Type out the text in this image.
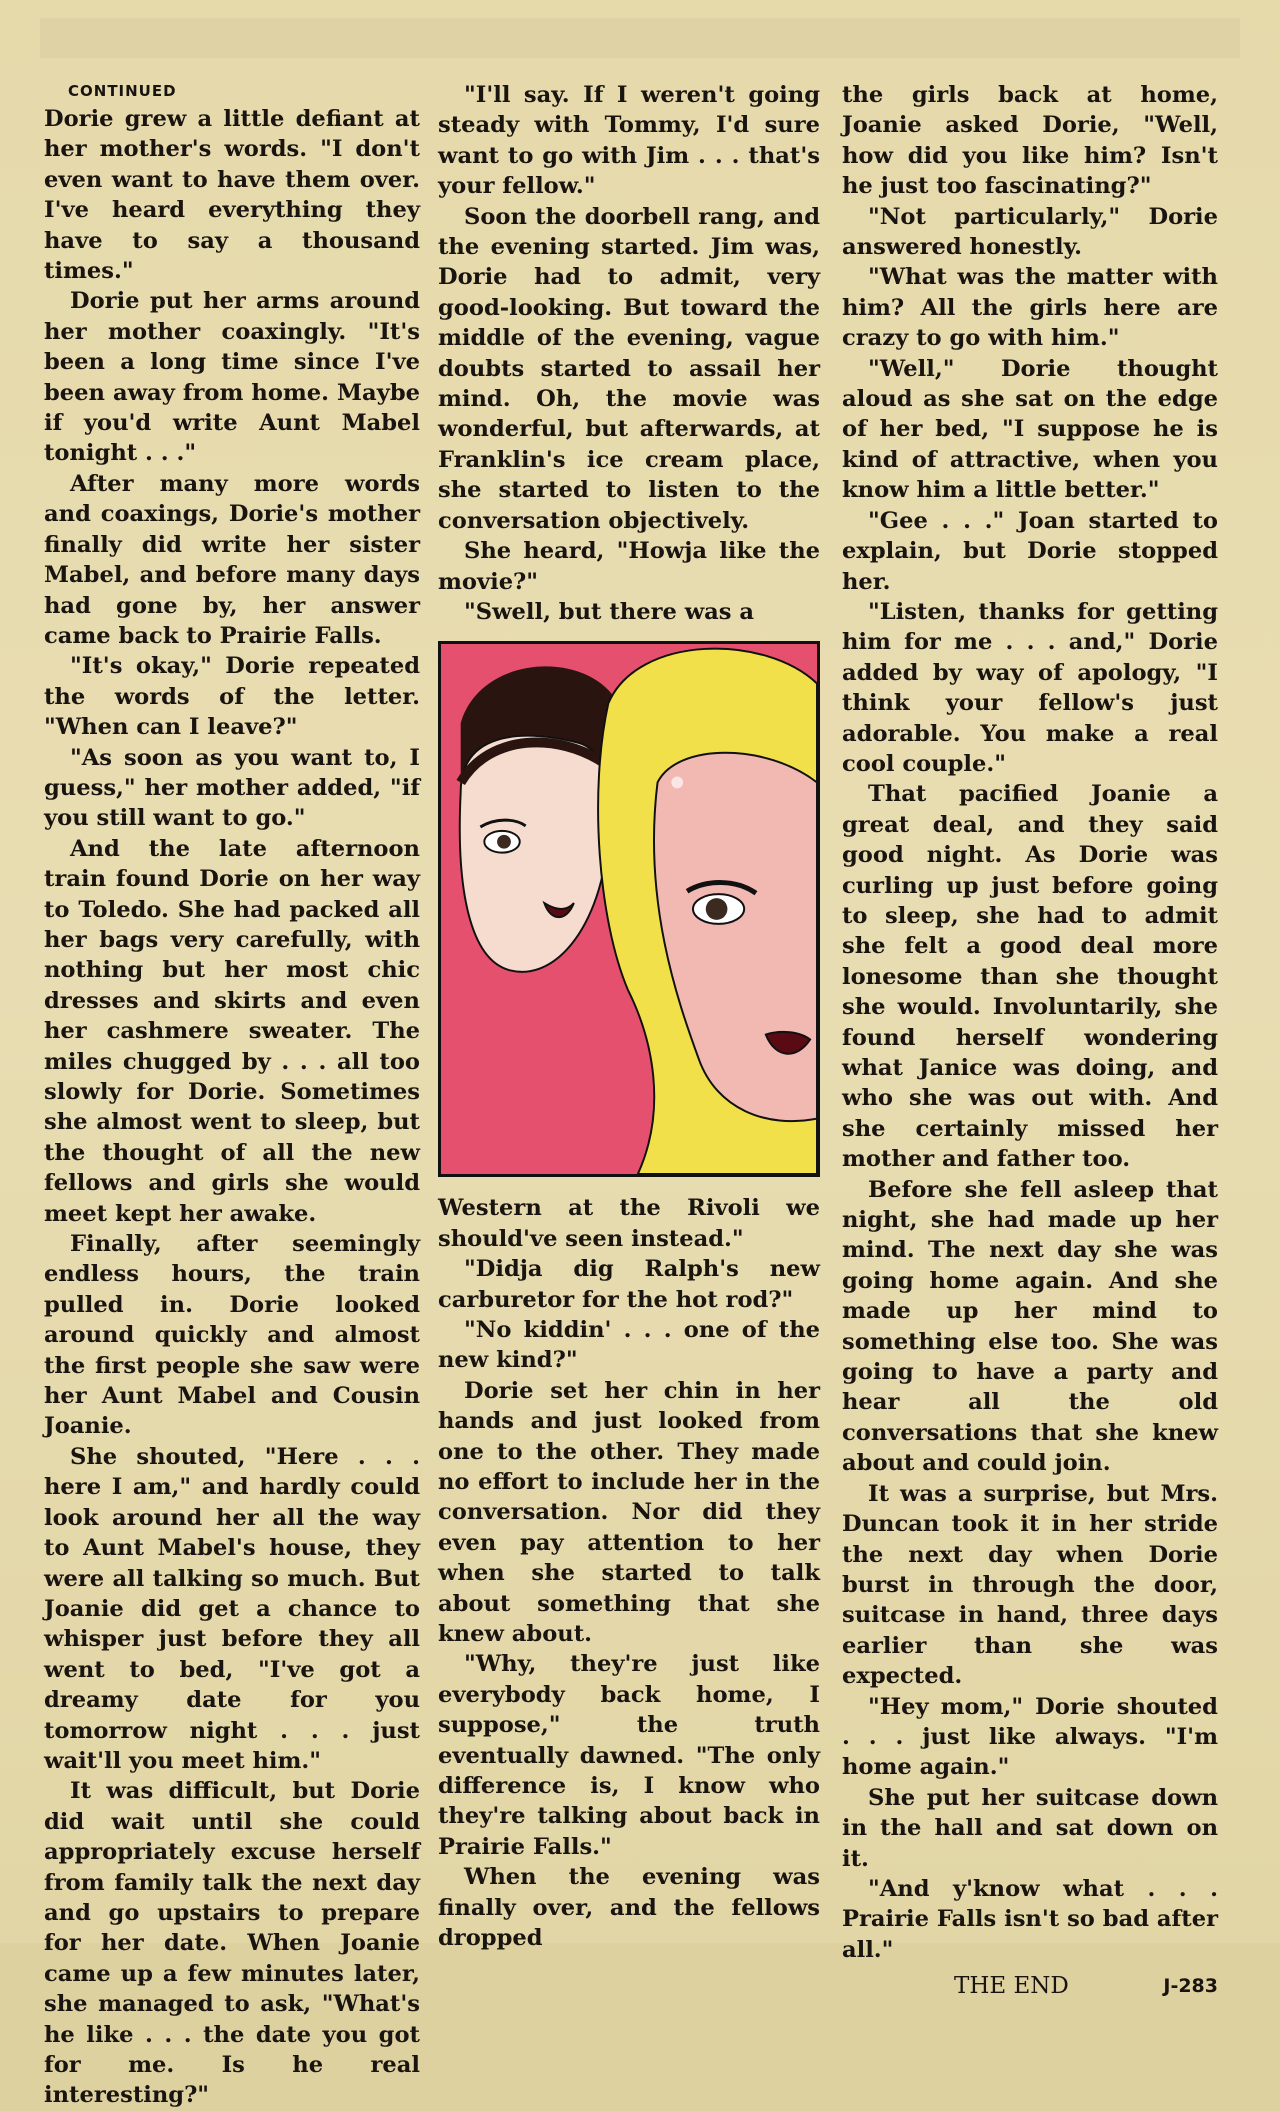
CONTINUED

Dorie grew a little defiant at her mother's words. "I don't even want to have them over. I've heard everything they have to say a thousand times."

Dorie put her arms around her mother coaxingly. "It's been a long time since I've been away from home. Maybe if you'd write Aunt Mabel tonight . . ."

After many more words and coaxings, Dorie's mother finally did write her sister Mabel, and before many days had gone by, her answer came back to Prairie Falls.

"It's okay," Dorie repeated the words of the letter. "When can I leave?"

"As soon as you want to, I guess," her mother added, "if you still want to go."

And the late afternoon train found Dorie on her way to Toledo. She had packed all her bags very carefully, with nothing but her most chic dresses and skirts and even her cashmere sweater. The miles chugged by . . . all too slowly for Dorie. Sometimes she almost went to sleep, but the thought of all the new fellows and girls she would meet kept her awake.

Finally, after seemingly endless hours, the train pulled in. Dorie looked around quickly and almost the first people she saw were her Aunt Mabel and Cousin Joanie.

She shouted, "Here . . . here I am," and hardly could look around her all the way to Aunt Mabel's house, they were all talking so much. But Joanie did get a chance to whisper just before they all went to bed, "I've got a dreamy date for you tomorrow night . . . just wait'll you meet him."

It was difficult, but Dorie did wait until she could appropriately excuse herself from family talk the next day and go upstairs to prepare for her date. When Joanie came up a few minutes later, she managed to ask, "What's he like . . . the date you got for me. Is he real interesting?"

"I'll say. If I weren't going steady with Tommy, I'd sure want to go with Jim . . . that's your fellow."

Soon the doorbell rang, and the evening started. Jim was, Dorie had to admit, very good-looking. But toward the middle of the evening, vague doubts started to assail her mind. Oh, the movie was wonderful, but afterwards, at Franklin's ice cream place, she started to listen to the conversation objectively.

She heard, "Howja like the movie?"

"Swell, but there was a

Western at the Rivoli we should've seen instead."

"Didja dig Ralph's new carburetor for the hot rod?"

"No kiddin' . . . one of the new kind?"

Dorie set her chin in her hands and just looked from one to the other. They made no effort to include her in the conversation. Nor did they even pay attention to her when she started to talk about something that she knew about.

"Why, they're just like everybody back home, I suppose," the truth eventually dawned. "The only difference is, I know who they're talking about back in Prairie Falls."

When the evening was finally over, and the fellows dropped

the girls back at home, Joanie asked Dorie, "Well, how did you like him? Isn't he just too fascinating?"

"Not particularly," Dorie answered honestly.

"What was the matter with him? All the girls here are crazy to go with him."

"Well," Dorie thought aloud as she sat on the edge of her bed, "I suppose he is kind of attractive, when you know him a little better."

"Gee . . ." Joan started to explain, but Dorie stopped her.

"Listen, thanks for getting him for me . . . and," Dorie added by way of apology, "I think your fellow's just adorable. You make a real cool couple."

That pacified Joanie a great deal, and they said good night. As Dorie was curling up just before going to sleep, she had to admit she felt a good deal more lonesome than she thought she would. Involuntarily, she found herself wondering what Janice was doing, and who she was out with. And she certainly missed her mother and father too.

Before she fell asleep that night, she had made up her mind. The next day she was going home again. And she made up her mind to something else too. She was going to have a party and hear all the old conversations that she knew about and could join.

It was a surprise, but Mrs. Duncan took it in her stride the next day when Dorie burst in through the door, suitcase in hand, three days earlier than she was expected.

"Hey mom," Dorie shouted . . . just like always. "I'm home again."

She put her suitcase down in the hall and sat down on it.

"And y'know what . . . Prairie Falls isn't so bad after all."

THE END	J-283
